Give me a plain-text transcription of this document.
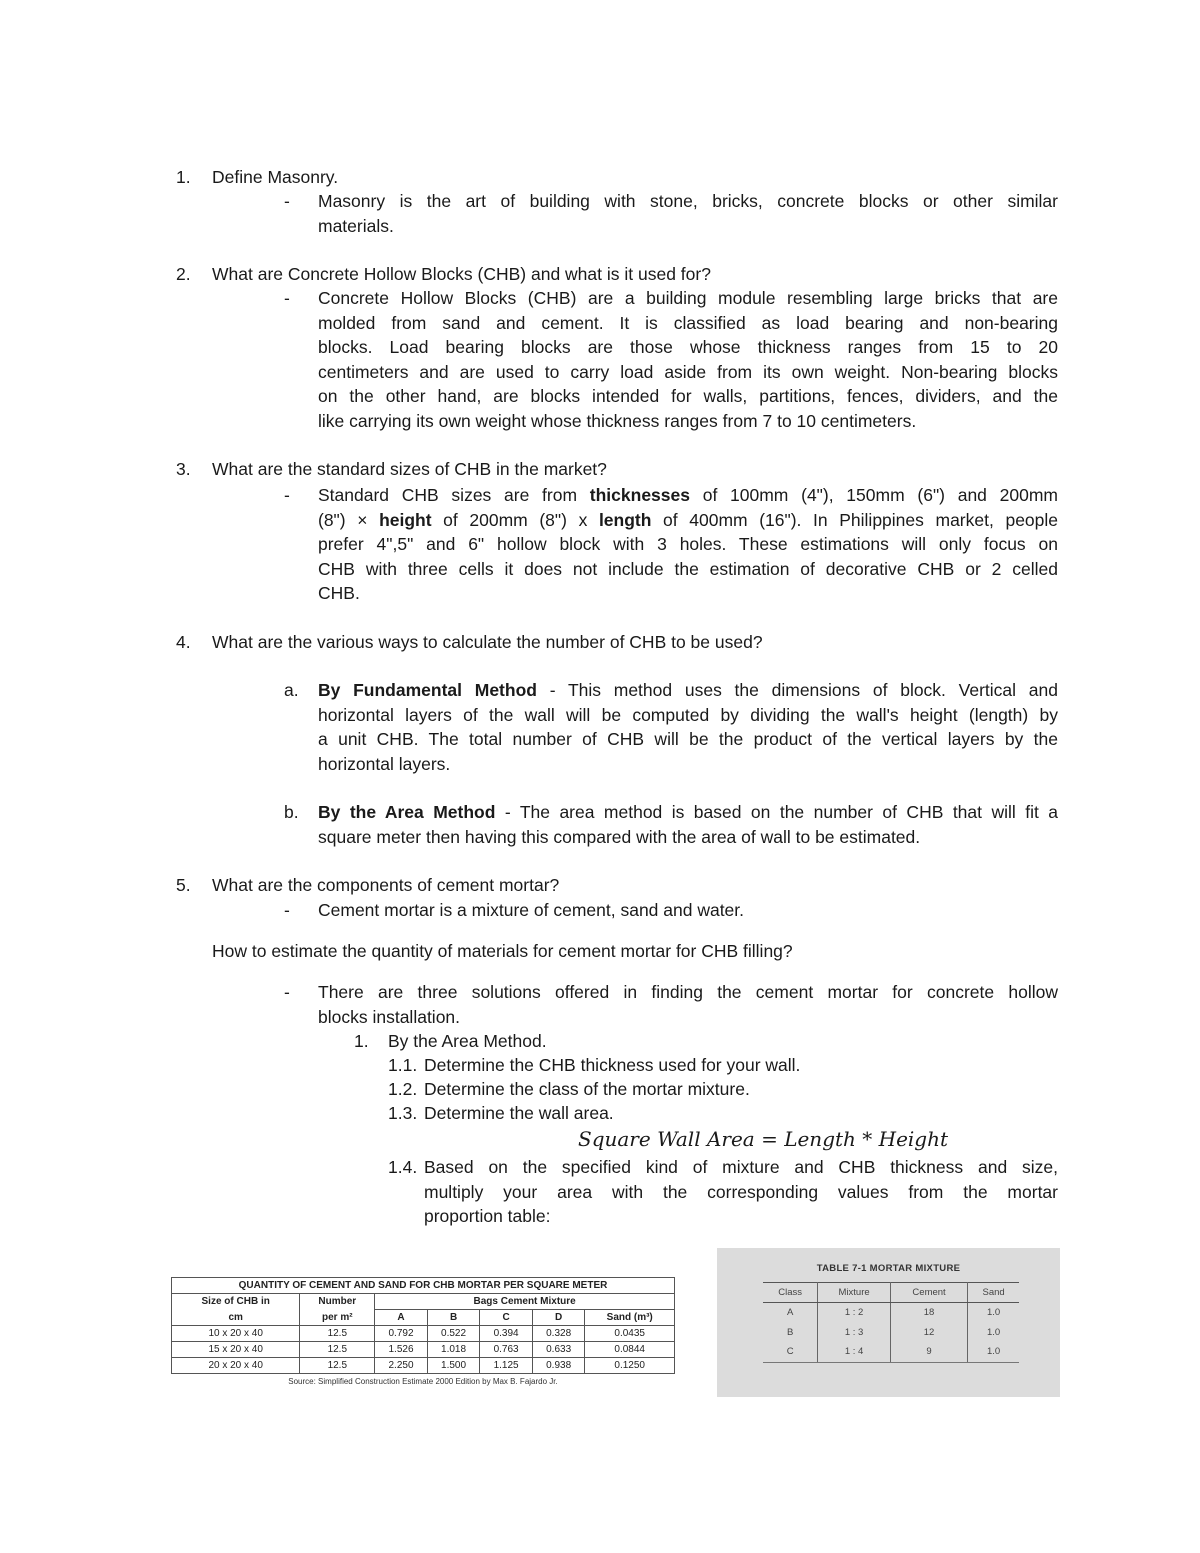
1. Define Masonry.
- Masonry is the art of building with stone, bricks, concrete blocks or other similar
materials.
2. What are Concrete Hollow Blocks (CHB) and what is it used for?
- Concrete Hollow Blocks (CHB) are a building module resembling large bricks that are
molded from sand and cement. It is classified as load bearing and non-bearing
blocks. Load bearing blocks are those whose thickness ranges from 15 to 20
centimeters and are used to carry load aside from its own weight. Non-bearing blocks
on the other hand, are blocks intended for walls, partitions, fences, dividers, and the
like carrying its own weight whose thickness ranges from 7 to 10 centimeters.
3. What are the standard sizes of CHB in the market?
- Standard CHB sizes are from thicknesses of 100mm (4"), 150mm (6") and 200mm
(8") × height of 200mm (8") x length of 400mm (16"). In Philippines market, people
prefer 4",5" and 6" hollow block with 3 holes. These estimations will only focus on
CHB with three cells it does not include the estimation of decorative CHB or 2 celled
CHB.
4. What are the various ways to calculate the number of CHB to be used?
a. By Fundamental Method - This method uses the dimensions of block. Vertical and
horizontal layers of the wall will be computed by dividing the wall's height (length) by
a unit CHB. The total number of CHB will be the product of the vertical layers by the
horizontal layers.
b. By the Area Method - The area method is based on the number of CHB that will fit a
square meter then having this compared with the area of wall to be estimated.
5. What are the components of cement mortar?
- Cement mortar is a mixture of cement, sand and water.
How to estimate the quantity of materials for cement mortar for CHB filling?
- There are three solutions offered in finding the cement mortar for concrete hollow
blocks installation.
1. By the Area Method.
1.1. Determine the CHB thickness used for your wall.
1.2. Determine the class of the mortar mixture.
1.3. Determine the wall area.
Square Wall Area = Length * Height
1.4. Based on the specified kind of mixture and CHB thickness and size,
multiply your area with the corresponding values from the mortar
proportion table:
QUANTITY OF CEMENT AND SAND FOR CHB MORTAR PER SQUARE METER						
Size of CHB in	Number	Bags Cement Mixture				
cm	per m²	A	B	C	D	Sand (m³)
10 x 20 x 40	12.5	0.792	0.522	0.394	0.328	0.0435
15 x 20 x 40	12.5	1.526	1.018	0.763	0.633	0.0844
20 x 20 x 40	12.5	2.250	1.500	1.125	0.938	0.1250
Source: Simplified Construction Estimate 2000 Edition by Max B. Fajardo Jr.
TABLE 7-1 MORTAR MIXTURE
Class	Mixture	Cement	Sand
A	1 : 2	18	1.0
B	1 : 3	12	1.0
C	1 : 4	9	1.0
